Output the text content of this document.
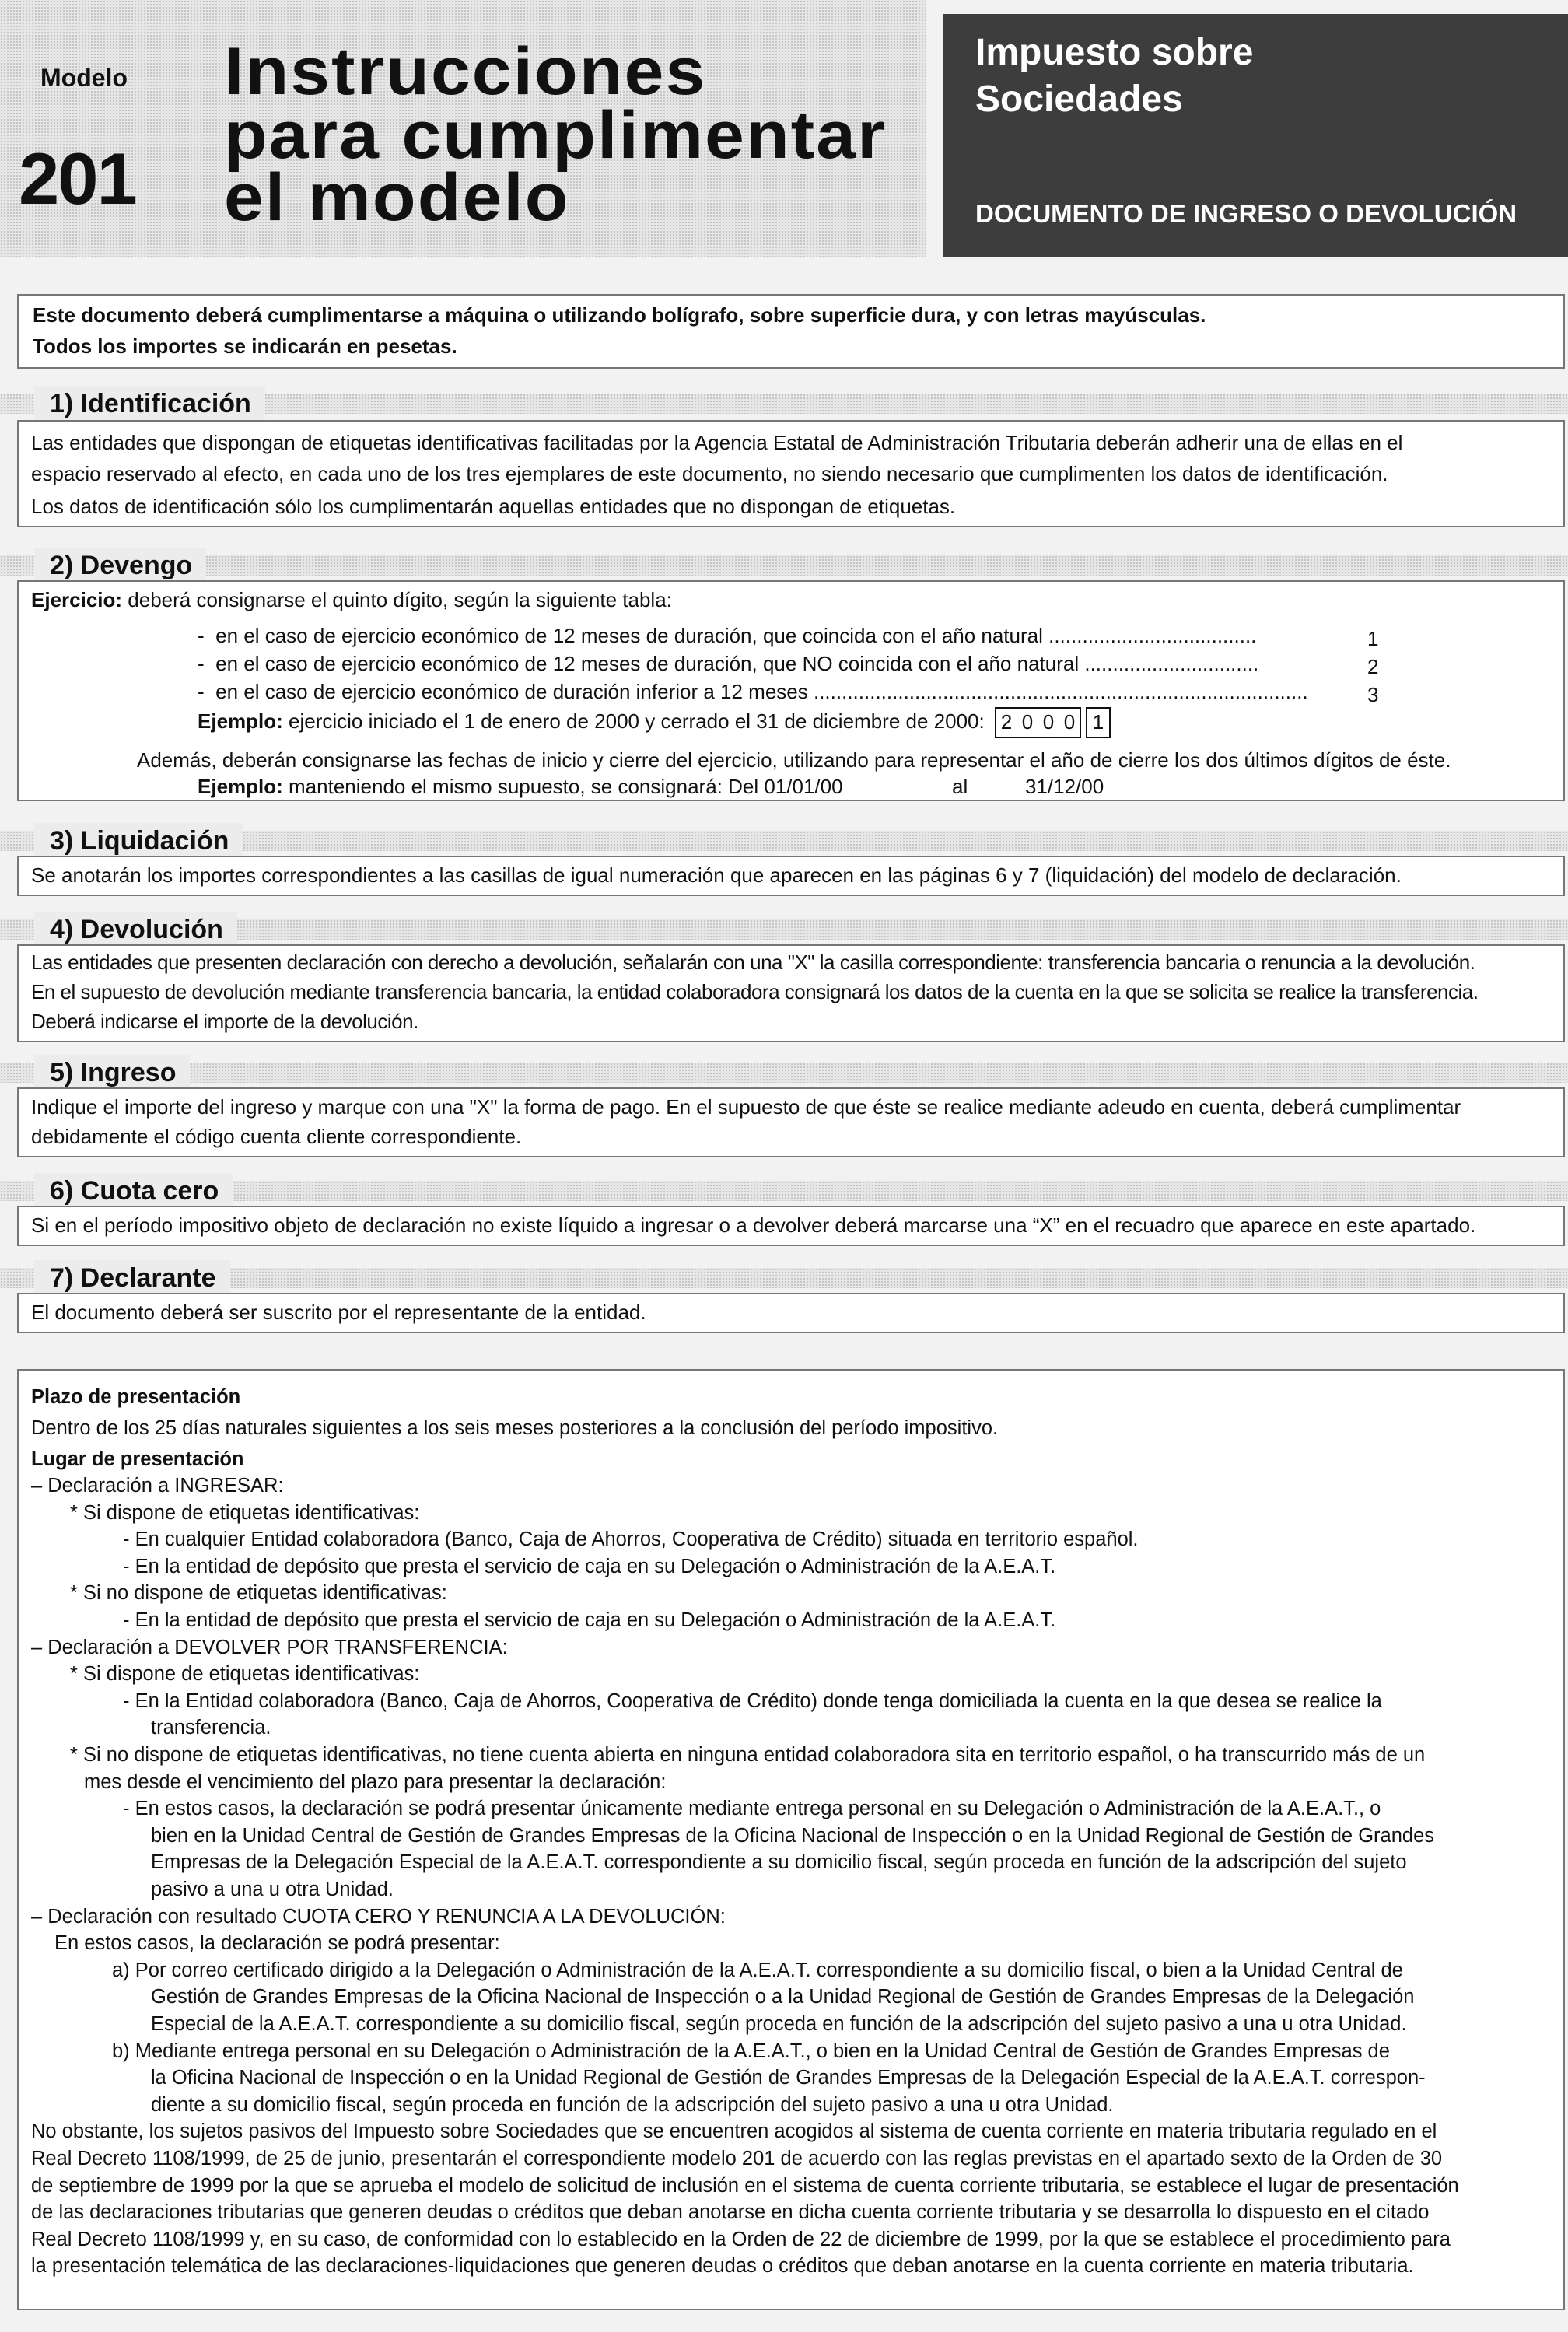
Modelo
201
Instrucciones
para cumplimentar
el modelo
Impuesto sobre
Sociedades
DOCUMENTO DE INGRESO O DEVOLUCIÓN
Este documento deberá cumplimentarse a máquina o utilizando bolígrafo, sobre superficie dura, y con letras mayúsculas.
Todos los importes se indicarán en pesetas.
1) Identificación
Las entidades que dispongan de etiquetas identificativas facilitadas por la Agencia Estatal de Administración Tributaria deberán adherir una de ellas en el
espacio reservado al efecto, en cada uno de los tres ejemplares de este documento, no siendo necesario que cumplimenten los datos de identificación.
Los datos de identificación sólo los cumplimentarán aquellas entidades que no dispongan de etiquetas.
2) Devengo
Ejercicio: deberá consignarse el quinto dígito, según la siguiente tabla:
-  en el caso de ejercicio económico de 12 meses de duración, que coincida con el año natural .....................................	1
-  en el caso de ejercicio económico de 12 meses de duración, que NO coincida con el año natural ...............................	2
-  en el caso de ejercicio económico de duración inferior a 12 meses ........................................................................................	3
Ejemplo: ejercicio iniciado el 1 de enero de 2000 y cerrado el 31 de diciembre de 2000: 2 0 0 0 1
Además, deberán consignarse las fechas de inicio y cierre del ejercicio, utilizando para representar el año de cierre los dos últimos dígitos de éste.
Ejemplo: manteniendo el mismo supuesto, se consignará: Del 01/01/00	al	31/12/00
3) Liquidación
Se anotarán los importes correspondientes a las casillas de igual numeración que aparecen en las páginas 6 y 7 (liquidación) del modelo de declaración.
4) Devolución
Las entidades que presenten declaración con derecho a devolución, señalarán con una "X" la casilla correspondiente: transferencia bancaria o renuncia a la devolución.
En el supuesto de devolución mediante transferencia bancaria, la entidad colaboradora consignará los datos de la cuenta en la que se solicita se realice la transferencia.
Deberá indicarse el importe de la devolución.
5) Ingreso
Indique el importe del ingreso y marque con una "X" la forma de pago. En el supuesto de que éste se realice mediante adeudo en cuenta, deberá cumplimentar
debidamente el código cuenta cliente correspondiente.
6) Cuota cero
Si en el período impositivo objeto de declaración no existe líquido a ingresar o a devolver deberá marcarse una “X” en el recuadro que aparece en este apartado.
7) Declarante
El documento deberá ser suscrito por el representante de la entidad.
Plazo de presentación
Dentro de los 25 días naturales siguientes a los seis meses posteriores a la conclusión del período impositivo.
Lugar de presentación
– Declaración a INGRESAR:
* Si dispone de etiquetas identificativas:
- En cualquier Entidad colaboradora (Banco, Caja de Ahorros, Cooperativa de Crédito) situada en territorio español.
- En la entidad de depósito que presta el servicio de caja en su Delegación o Administración de la A.E.A.T.
* Si no dispone de etiquetas identificativas:
- En la entidad de depósito que presta el servicio de caja en su Delegación o Administración de la A.E.A.T.
– Declaración a DEVOLVER POR TRANSFERENCIA:
* Si dispone de etiquetas identificativas:
- En la Entidad colaboradora (Banco, Caja de Ahorros, Cooperativa de Crédito) donde tenga domiciliada la cuenta en la que desea se realice la
transferencia.
* Si no dispone de etiquetas identificativas, no tiene cuenta abierta en ninguna entidad colaboradora sita en territorio español, o ha transcurrido más de un
mes desde el vencimiento del plazo para presentar la declaración:
- En estos casos, la declaración se podrá presentar únicamente mediante entrega personal en su Delegación o Administración de la A.E.A.T., o
bien en la Unidad Central de Gestión de Grandes Empresas de la Oficina Nacional de Inspección o en la Unidad Regional de Gestión de Grandes
Empresas de la Delegación Especial de la A.E.A.T. correspondiente a su domicilio fiscal, según proceda en función de la adscripción del sujeto
pasivo a una u otra Unidad.
– Declaración con resultado CUOTA CERO Y RENUNCIA A LA DEVOLUCIÓN:
En estos casos, la declaración se podrá presentar:
a) Por correo certificado dirigido a la Delegación o Administración de la A.E.A.T. correspondiente a su domicilio fiscal, o bien a la Unidad Central de
Gestión de Grandes Empresas de la Oficina Nacional de Inspección o a la Unidad Regional de Gestión de Grandes Empresas de la Delegación
Especial de la A.E.A.T. correspondiente a su domicilio fiscal, según proceda en función de la adscripción del sujeto pasivo a una u otra Unidad.
b) Mediante entrega personal en su Delegación o Administración de la A.E.A.T., o bien en la Unidad Central de Gestión de Grandes Empresas de
la Oficina Nacional de Inspección o en la Unidad Regional de Gestión de Grandes Empresas de la Delegación Especial de la A.E.A.T. correspon-
diente a su domicilio fiscal, según proceda en función de la adscripción del sujeto pasivo a una u otra Unidad.
No obstante, los sujetos pasivos del Impuesto sobre Sociedades que se encuentren acogidos al sistema de cuenta corriente en materia tributaria regulado en el
Real Decreto 1108/1999, de 25 de junio, presentarán el correspondiente modelo 201 de acuerdo con las reglas previstas en el apartado sexto de la Orden de 30
de septiembre de 1999 por la que se aprueba el modelo de solicitud de inclusión en el sistema de cuenta corriente tributaria, se establece el lugar de presentación
de las declaraciones tributarias que generen deudas o créditos que deban anotarse en dicha cuenta corriente tributaria y se desarrolla lo dispuesto en el citado
Real Decreto 1108/1999 y, en su caso, de conformidad con lo establecido en la Orden de 22 de diciembre de 1999, por la que se establece el procedimiento para
la presentación telemática de las declaraciones-liquidaciones que generen deudas o créditos que deban anotarse en la cuenta corriente en materia tributaria.
